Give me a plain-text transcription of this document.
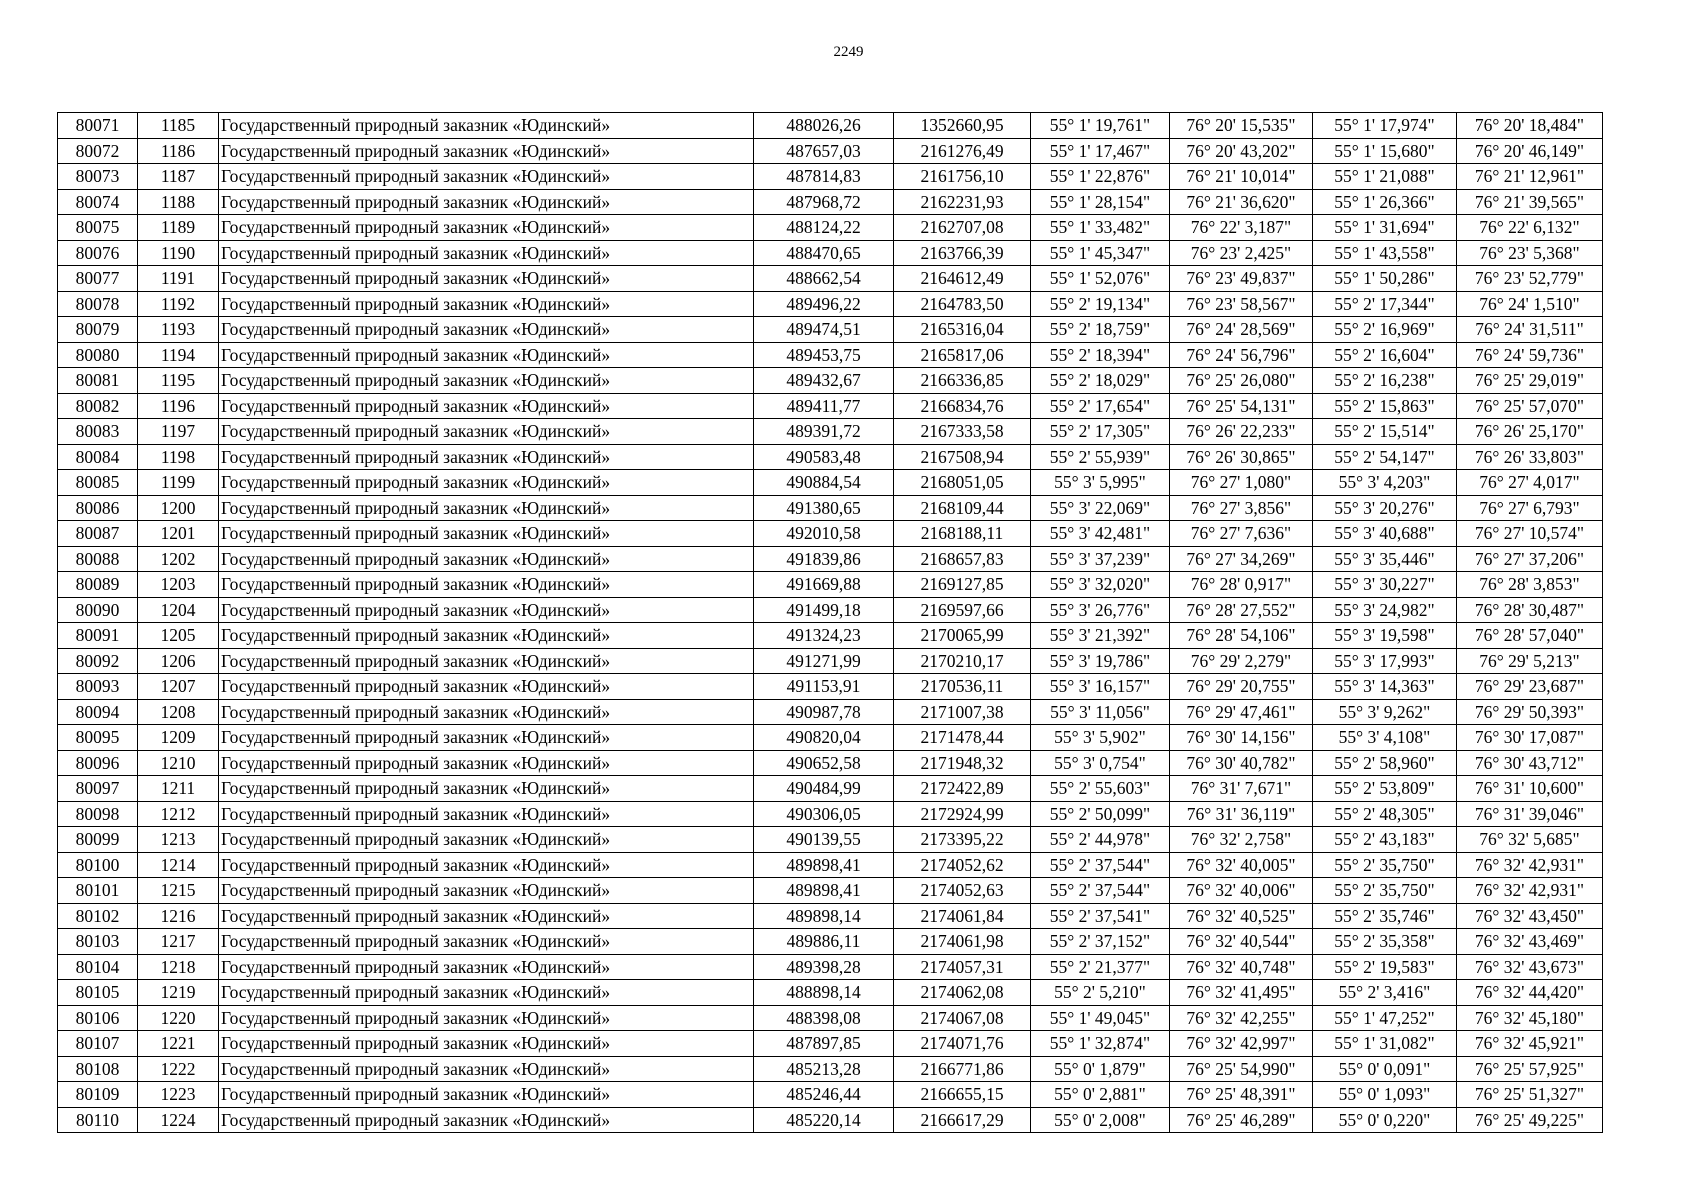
2249
80071	1185	Государственный природный заказник «Юдинский»	488026,26	1352660,95	55° 1' 19,761"	76° 20' 15,535"	55° 1' 17,974"	76° 20' 18,484"
80072	1186	Государственный природный заказник «Юдинский»	487657,03	2161276,49	55° 1' 17,467"	76° 20' 43,202"	55° 1' 15,680"	76° 20' 46,149"
80073	1187	Государственный природный заказник «Юдинский»	487814,83	2161756,10	55° 1' 22,876"	76° 21' 10,014"	55° 1' 21,088"	76° 21' 12,961"
80074	1188	Государственный природный заказник «Юдинский»	487968,72	2162231,93	55° 1' 28,154"	76° 21' 36,620"	55° 1' 26,366"	76° 21' 39,565"
80075	1189	Государственный природный заказник «Юдинский»	488124,22	2162707,08	55° 1' 33,482"	76° 22' 3,187"	55° 1' 31,694"	76° 22' 6,132"
80076	1190	Государственный природный заказник «Юдинский»	488470,65	2163766,39	55° 1' 45,347"	76° 23' 2,425"	55° 1' 43,558"	76° 23' 5,368"
80077	1191	Государственный природный заказник «Юдинский»	488662,54	2164612,49	55° 1' 52,076"	76° 23' 49,837"	55° 1' 50,286"	76° 23' 52,779"
80078	1192	Государственный природный заказник «Юдинский»	489496,22	2164783,50	55° 2' 19,134"	76° 23' 58,567"	55° 2' 17,344"	76° 24' 1,510"
80079	1193	Государственный природный заказник «Юдинский»	489474,51	2165316,04	55° 2' 18,759"	76° 24' 28,569"	55° 2' 16,969"	76° 24' 31,511"
80080	1194	Государственный природный заказник «Юдинский»	489453,75	2165817,06	55° 2' 18,394"	76° 24' 56,796"	55° 2' 16,604"	76° 24' 59,736"
80081	1195	Государственный природный заказник «Юдинский»	489432,67	2166336,85	55° 2' 18,029"	76° 25' 26,080"	55° 2' 16,238"	76° 25' 29,019"
80082	1196	Государственный природный заказник «Юдинский»	489411,77	2166834,76	55° 2' 17,654"	76° 25' 54,131"	55° 2' 15,863"	76° 25' 57,070"
80083	1197	Государственный природный заказник «Юдинский»	489391,72	2167333,58	55° 2' 17,305"	76° 26' 22,233"	55° 2' 15,514"	76° 26' 25,170"
80084	1198	Государственный природный заказник «Юдинский»	490583,48	2167508,94	55° 2' 55,939"	76° 26' 30,865"	55° 2' 54,147"	76° 26' 33,803"
80085	1199	Государственный природный заказник «Юдинский»	490884,54	2168051,05	55° 3' 5,995"	76° 27' 1,080"	55° 3' 4,203"	76° 27' 4,017"
80086	1200	Государственный природный заказник «Юдинский»	491380,65	2168109,44	55° 3' 22,069"	76° 27' 3,856"	55° 3' 20,276"	76° 27' 6,793"
80087	1201	Государственный природный заказник «Юдинский»	492010,58	2168188,11	55° 3' 42,481"	76° 27' 7,636"	55° 3' 40,688"	76° 27' 10,574"
80088	1202	Государственный природный заказник «Юдинский»	491839,86	2168657,83	55° 3' 37,239"	76° 27' 34,269"	55° 3' 35,446"	76° 27' 37,206"
80089	1203	Государственный природный заказник «Юдинский»	491669,88	2169127,85	55° 3' 32,020"	76° 28' 0,917"	55° 3' 30,227"	76° 28' 3,853"
80090	1204	Государственный природный заказник «Юдинский»	491499,18	2169597,66	55° 3' 26,776"	76° 28' 27,552"	55° 3' 24,982"	76° 28' 30,487"
80091	1205	Государственный природный заказник «Юдинский»	491324,23	2170065,99	55° 3' 21,392"	76° 28' 54,106"	55° 3' 19,598"	76° 28' 57,040"
80092	1206	Государственный природный заказник «Юдинский»	491271,99	2170210,17	55° 3' 19,786"	76° 29' 2,279"	55° 3' 17,993"	76° 29' 5,213"
80093	1207	Государственный природный заказник «Юдинский»	491153,91	2170536,11	55° 3' 16,157"	76° 29' 20,755"	55° 3' 14,363"	76° 29' 23,687"
80094	1208	Государственный природный заказник «Юдинский»	490987,78	2171007,38	55° 3' 11,056"	76° 29' 47,461"	55° 3' 9,262"	76° 29' 50,393"
80095	1209	Государственный природный заказник «Юдинский»	490820,04	2171478,44	55° 3' 5,902"	76° 30' 14,156"	55° 3' 4,108"	76° 30' 17,087"
80096	1210	Государственный природный заказник «Юдинский»	490652,58	2171948,32	55° 3' 0,754"	76° 30' 40,782"	55° 2' 58,960"	76° 30' 43,712"
80097	1211	Государственный природный заказник «Юдинский»	490484,99	2172422,89	55° 2' 55,603"	76° 31' 7,671"	55° 2' 53,809"	76° 31' 10,600"
80098	1212	Государственный природный заказник «Юдинский»	490306,05	2172924,99	55° 2' 50,099"	76° 31' 36,119"	55° 2' 48,305"	76° 31' 39,046"
80099	1213	Государственный природный заказник «Юдинский»	490139,55	2173395,22	55° 2' 44,978"	76° 32' 2,758"	55° 2' 43,183"	76° 32' 5,685"
80100	1214	Государственный природный заказник «Юдинский»	489898,41	2174052,62	55° 2' 37,544"	76° 32' 40,005"	55° 2' 35,750"	76° 32' 42,931"
80101	1215	Государственный природный заказник «Юдинский»	489898,41	2174052,63	55° 2' 37,544"	76° 32' 40,006"	55° 2' 35,750"	76° 32' 42,931"
80102	1216	Государственный природный заказник «Юдинский»	489898,14	2174061,84	55° 2' 37,541"	76° 32' 40,525"	55° 2' 35,746"	76° 32' 43,450"
80103	1217	Государственный природный заказник «Юдинский»	489886,11	2174061,98	55° 2' 37,152"	76° 32' 40,544"	55° 2' 35,358"	76° 32' 43,469"
80104	1218	Государственный природный заказник «Юдинский»	489398,28	2174057,31	55° 2' 21,377"	76° 32' 40,748"	55° 2' 19,583"	76° 32' 43,673"
80105	1219	Государственный природный заказник «Юдинский»	488898,14	2174062,08	55° 2' 5,210"	76° 32' 41,495"	55° 2' 3,416"	76° 32' 44,420"
80106	1220	Государственный природный заказник «Юдинский»	488398,08	2174067,08	55° 1' 49,045"	76° 32' 42,255"	55° 1' 47,252"	76° 32' 45,180"
80107	1221	Государственный природный заказник «Юдинский»	487897,85	2174071,76	55° 1' 32,874"	76° 32' 42,997"	55° 1' 31,082"	76° 32' 45,921"
80108	1222	Государственный природный заказник «Юдинский»	485213,28	2166771,86	55° 0' 1,879"	76° 25' 54,990"	55° 0' 0,091"	76° 25' 57,925"
80109	1223	Государственный природный заказник «Юдинский»	485246,44	2166655,15	55° 0' 2,881"	76° 25' 48,391"	55° 0' 1,093"	76° 25' 51,327"
80110	1224	Государственный природный заказник «Юдинский»	485220,14	2166617,29	55° 0' 2,008"	76° 25' 46,289"	55° 0' 0,220"	76° 25' 49,225"
